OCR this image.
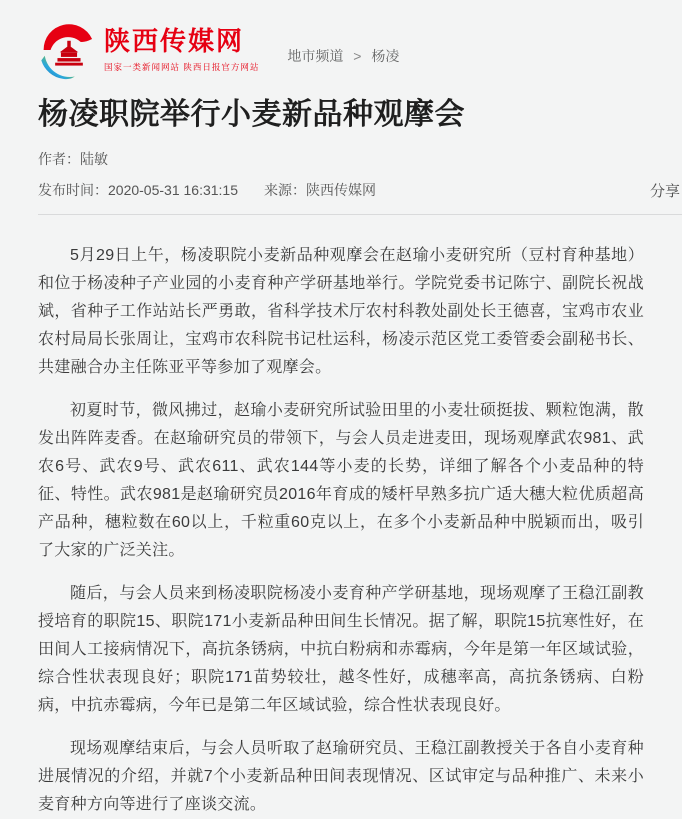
陕西传媒网
国家一类新闻网站 陕西日报官方网站
地市频道 > 杨凌
杨凌职院举行小麦新品种观摩会
作者：陆敏
发布时间：2020-05-31 16:31:15 来源：陕西传媒网	分享

5月29日上午，杨凌职院小麦新品种观摩会在赵瑜小麦研究所（豆村育种基地）和位于杨凌种子产业园的小麦育种产学研基地举行。学院党委书记陈宁、副院长祝战斌，省种子工作站站长严勇敢，省科学技术厅农村科教处副处长王德喜，宝鸡市农业农村局局长张周让，宝鸡市农科院书记杜运科，杨凌示范区党工委管委会副秘书长、共建融合办主任陈亚平等参加了观摩会。

初夏时节，微风拂过，赵瑜小麦研究所试验田里的小麦壮硕挺拔、颗粒饱满，散发出阵阵麦香。在赵瑜研究员的带领下，与会人员走进麦田，现场观摩武农981、武农6号、武农9号、武农611、武农144等小麦的长势，详细了解各个小麦品种的特征、特性。武农981是赵瑜研究员2016年育成的矮杆早熟多抗广适大穗大粒优质超高产品种，穗粒数在60以上，千粒重60克以上，在多个小麦新品种中脱颖而出，吸引了大家的广泛关注。

随后，与会人员来到杨凌职院杨凌小麦育种产学研基地，现场观摩了王稳江副教授培育的职院15、职院171小麦新品种田间生长情况。据了解，职院15抗寒性好，在田间人工接病情况下，高抗条锈病，中抗白粉病和赤霉病，今年是第一年区域试验，综合性状表现良好；职院171苗势较壮，越冬性好，成穗率高，高抗条锈病、白粉病，中抗赤霉病，今年已是第二年区域试验，综合性状表现良好。

现场观摩结束后，与会人员听取了赵瑜研究员、王稳江副教授关于各自小麦育种进展情况的介绍，并就7个小麦新品种田间表现情况、区试审定与品种推广、未来小麦育种方向等进行了座谈交流。
